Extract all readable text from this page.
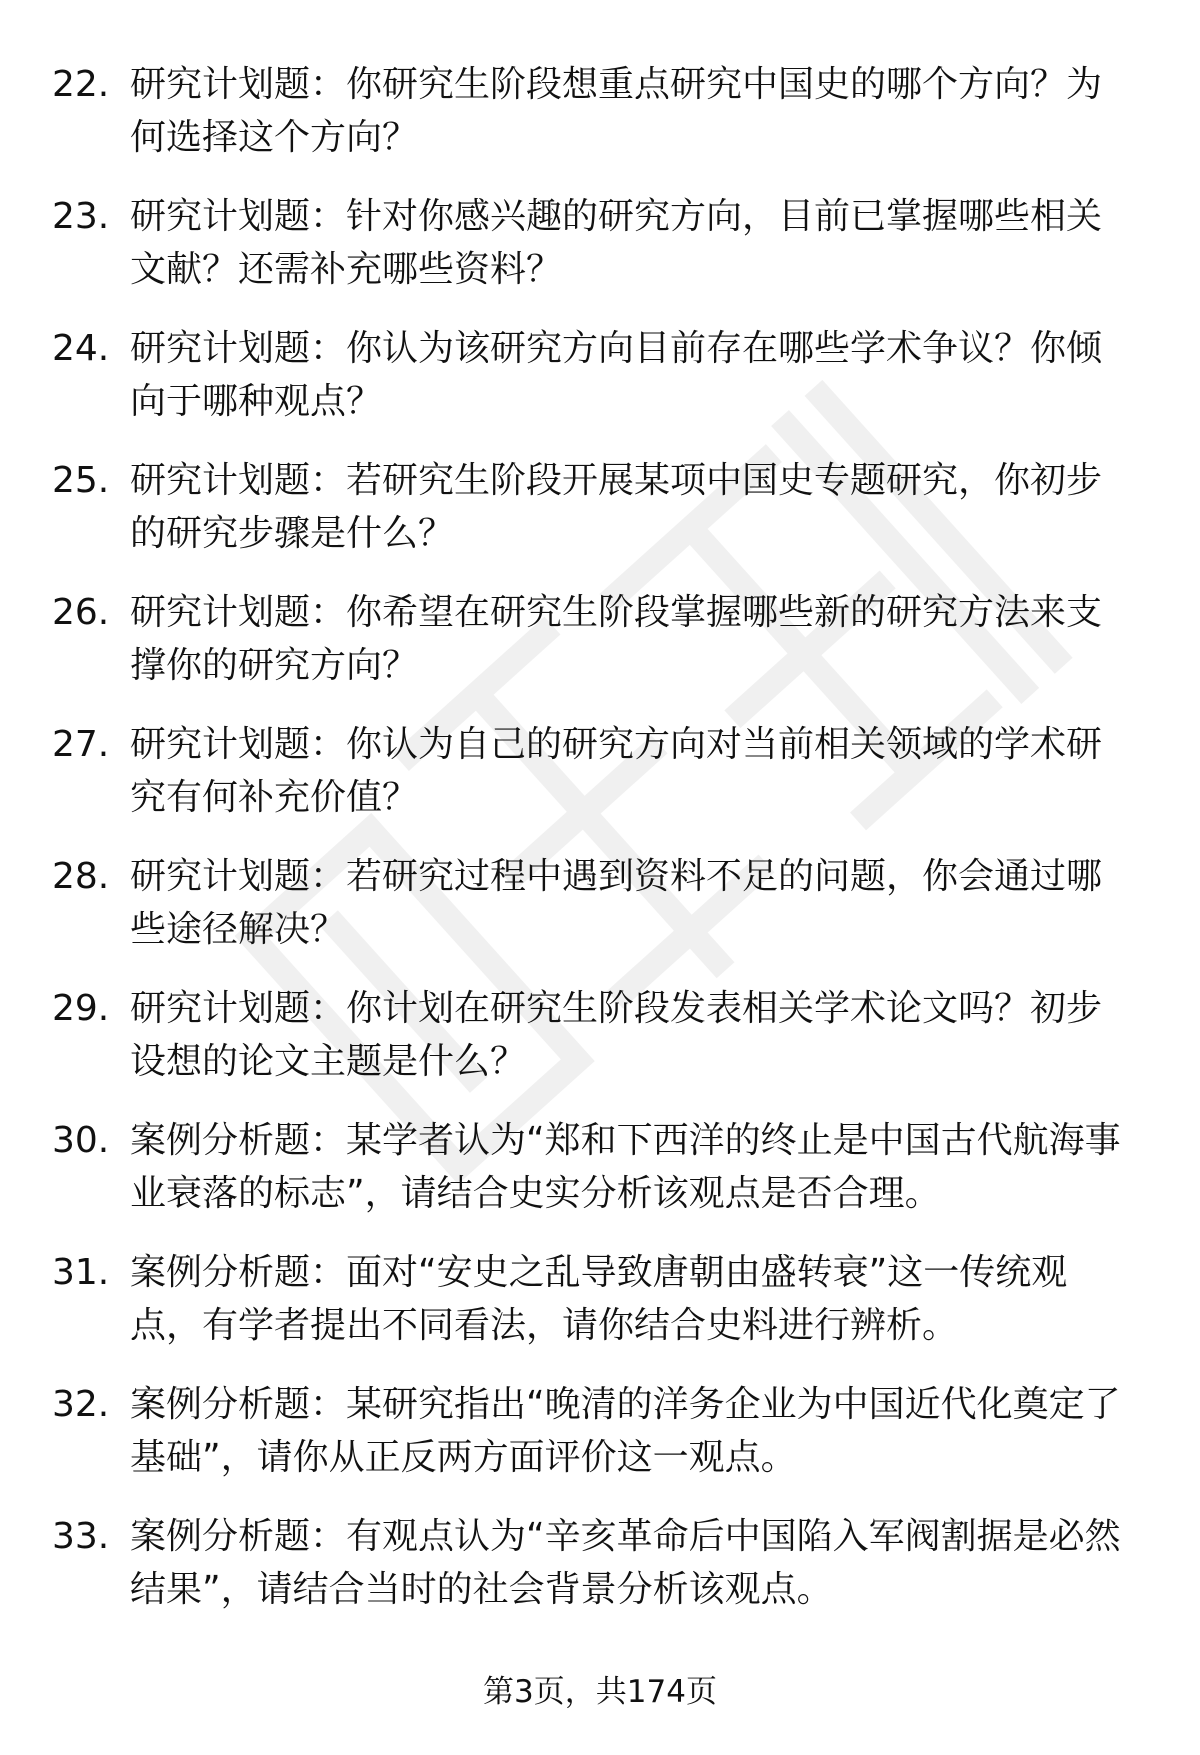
22. 研究计划题：你研究生阶段想重点研究中国史的哪个方向？为何选择这个方向？
23. 研究计划题：针对你感兴趣的研究方向，目前已掌握哪些相关文献？还需补充哪些资料？
24. 研究计划题：你认为该研究方向目前存在哪些学术争议？你倾向于哪种观点？
25. 研究计划题：若研究生阶段开展某项中国史专题研究，你初步的研究步骤是什么？
26. 研究计划题：你希望在研究生阶段掌握哪些新的研究方法来支撑你的研究方向？
27. 研究计划题：你认为自己的研究方向对当前相关领域的学术研究有何补充价值？
28. 研究计划题：若研究过程中遇到资料不足的问题，你会通过哪些途径解决？
29. 研究计划题：你计划在研究生阶段发表相关学术论文吗？初步设想的论文主题是什么？
30. 案例分析题：某学者认为“郑和下西洋的终止是中国古代航海事业衰落的标志”，请结合史实分析该观点是否合理。
31. 案例分析题：面对“安史之乱导致唐朝由盛转衰”这一传统观点，有学者提出不同看法，请你结合史料进行辨析。
32. 案例分析题：某研究指出“晚清的洋务企业为中国近代化奠定了基础”，请你从正反两方面评价这一观点。
33. 案例分析题：有观点认为“辛亥革命后中国陷入军阀割据是必然结果”，请结合当时的社会背景分析该观点。
第3页，共174页
